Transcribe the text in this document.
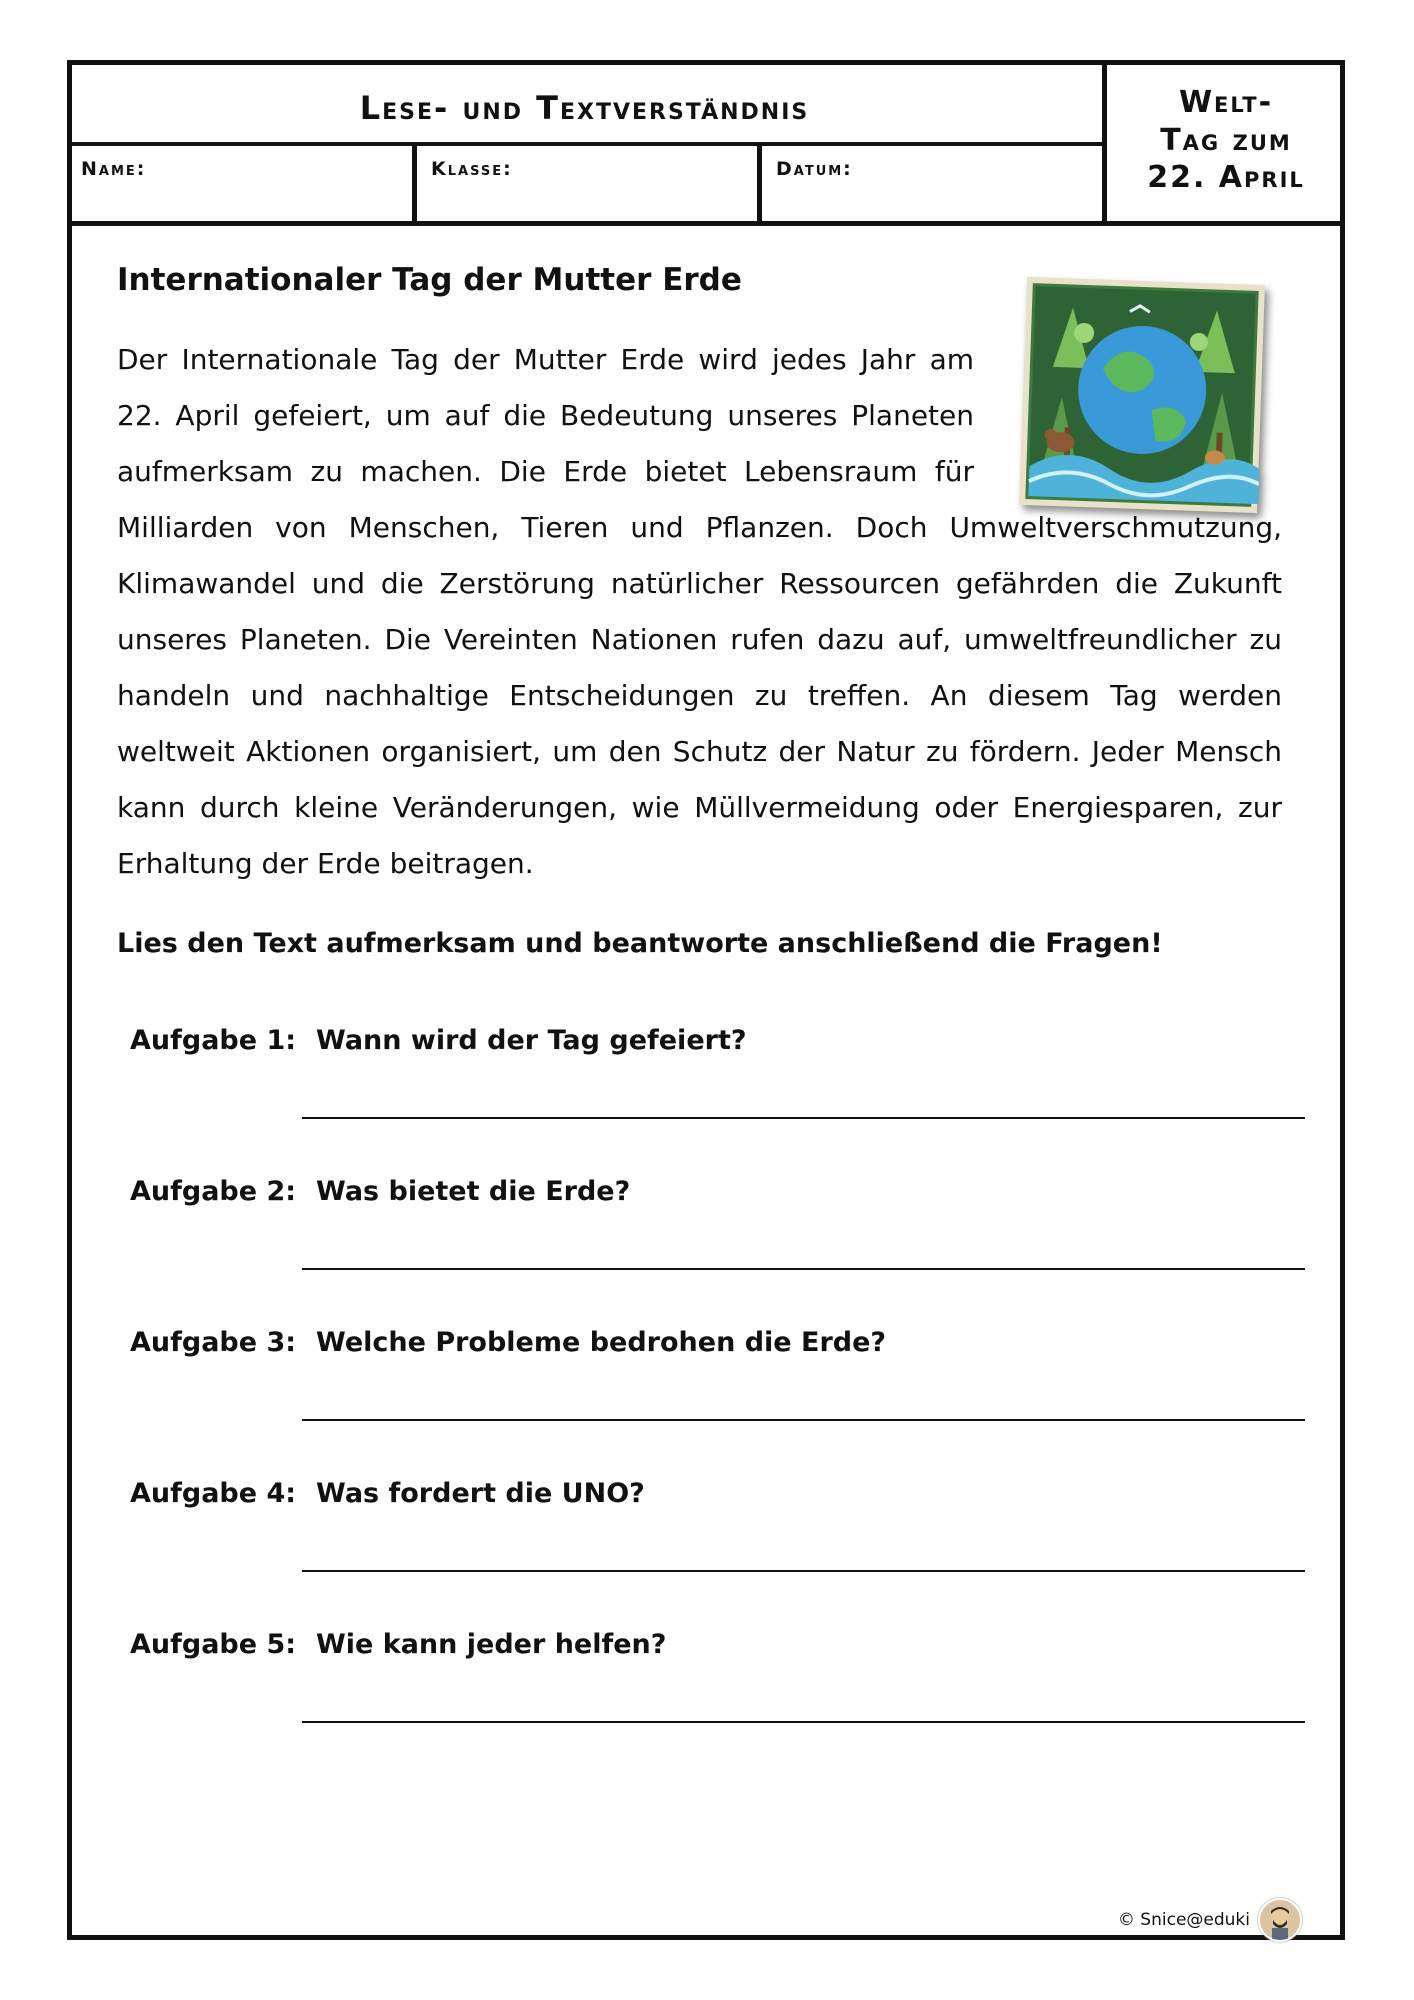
Lese- und Textverständnis
Name:	Klasse:	Datum:
Welt-
Tag zum
22. April
Internationaler Tag der Mutter Erde

Der Internationale Tag der Mutter Erde wird jedes Jahr am 22. April gefeiert, um auf die Bedeutung unseres Planeten aufmerksam zu machen. Die Erde bietet Lebensraum für Milliarden von Menschen, Tieren und Pflanzen. Doch Umweltverschmutzung, Klimawandel und die Zerstörung natürlicher Ressourcen gefährden die Zukunft unseres Planeten. Die Vereinten Nationen rufen dazu auf, umweltfreundlicher zu handeln und nachhaltige Entscheidungen zu treffen. An diesem Tag werden weltweit Aktionen organisiert, um den Schutz der Natur zu fördern. Jeder Mensch kann durch kleine Veränderungen, wie Müllvermeidung oder Energiesparen, zur Erhaltung der Erde beitragen.

Lies den Text aufmerksam und beantworte anschließend die Fragen!
Aufgabe 1: Wann wird der Tag gefeiert?
Aufgabe 2: Was bietet die Erde?
Aufgabe 3: Welche Probleme bedrohen die Erde?
Aufgabe 4: Was fordert die UNO?
Aufgabe 5: Wie kann jeder helfen?
© Snice@eduki
